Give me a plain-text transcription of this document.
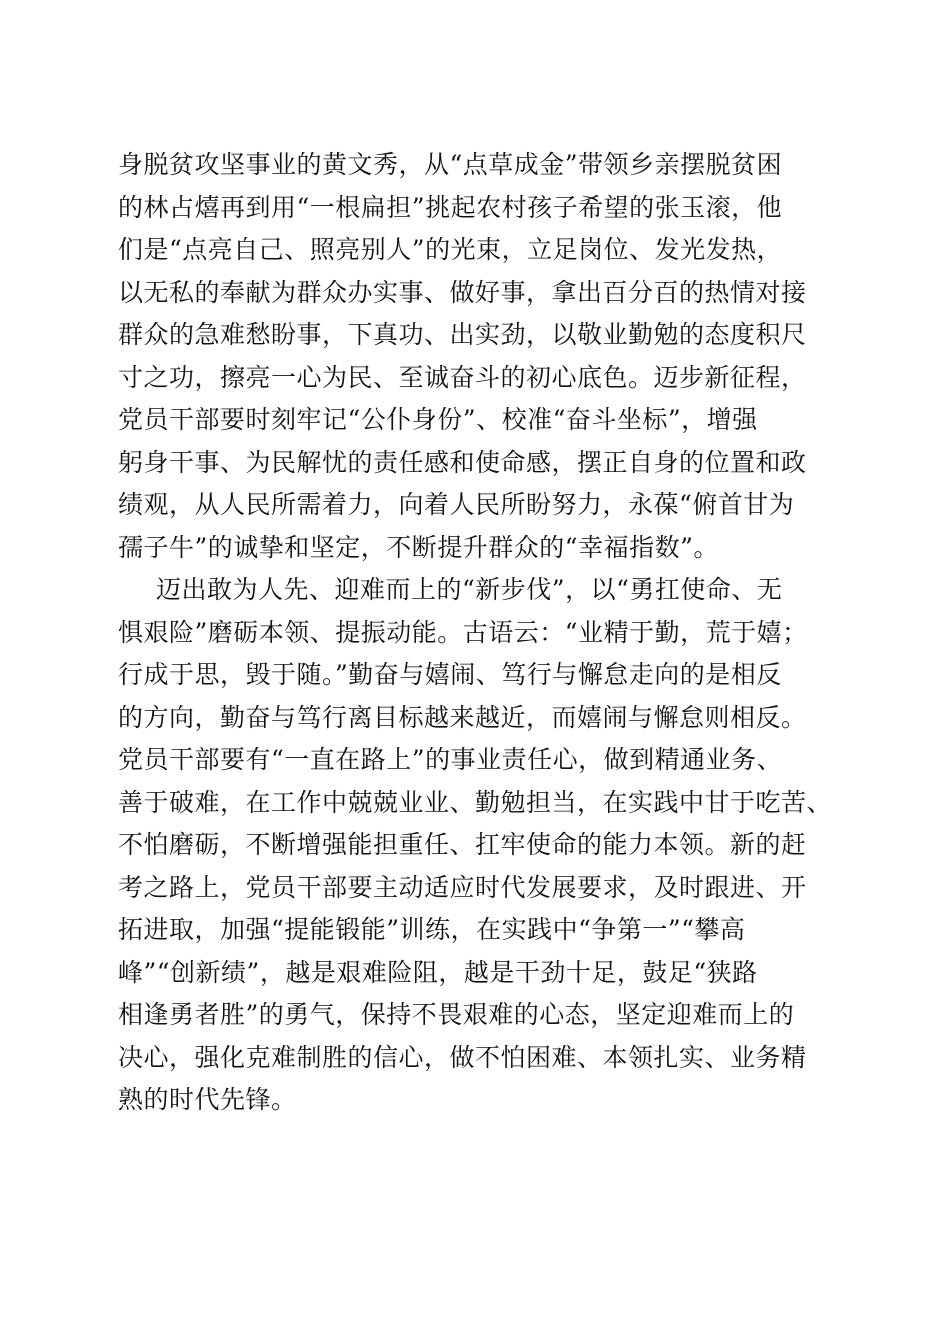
身脱贫攻坚事业的黄文秀，从“点草成金”带领乡亲摆脱贫困
的林占熺再到用“一根扁担”挑起农村孩子希望的张玉滚，他
们是“点亮自己、照亮别人”的光束，立足岗位、发光发热，
以无私的奉献为群众办实事、做好事，拿出百分百的热情对接
群众的急难愁盼事，下真功、出实劲，以敬业勤勉的态度积尺
寸之功，擦亮一心为民、至诚奋斗的初心底色。迈步新征程，
党员干部要时刻牢记“公仆身份”、校准“奋斗坐标”，增强
躬身干事、为民解忧的责任感和使命感，摆正自身的位置和政
绩观，从人民所需着力，向着人民所盼努力，永葆“俯首甘为
孺子牛”的诚挚和坚定，不断提升群众的“幸福指数”。
迈出敢为人先、迎难而上的“新步伐”，以“勇扛使命、无
惧艰险”磨砺本领、提振动能。古语云：“业精于勤，荒于嬉；
行成于思，毁于随。”勤奋与嬉闹、笃行与懈怠走向的是相反
的方向，勤奋与笃行离目标越来越近，而嬉闹与懈怠则相反。
党员干部要有“一直在路上”的事业责任心，做到精通业务、
善于破难，在工作中兢兢业业、勤勉担当，在实践中甘于吃苦、
不怕磨砺，不断增强能担重任、扛牢使命的能力本领。新的赶
考之路上，党员干部要主动适应时代发展要求，及时跟进、开
拓进取，加强“提能锻能”训练，在实践中“争第一”“攀高
峰”“创新绩”，越是艰难险阻，越是干劲十足，鼓足“狭路
相逢勇者胜”的勇气，保持不畏艰难的心态，坚定迎难而上的
决心，强化克难制胜的信心，做不怕困难、本领扎实、业务精
熟的时代先锋。
